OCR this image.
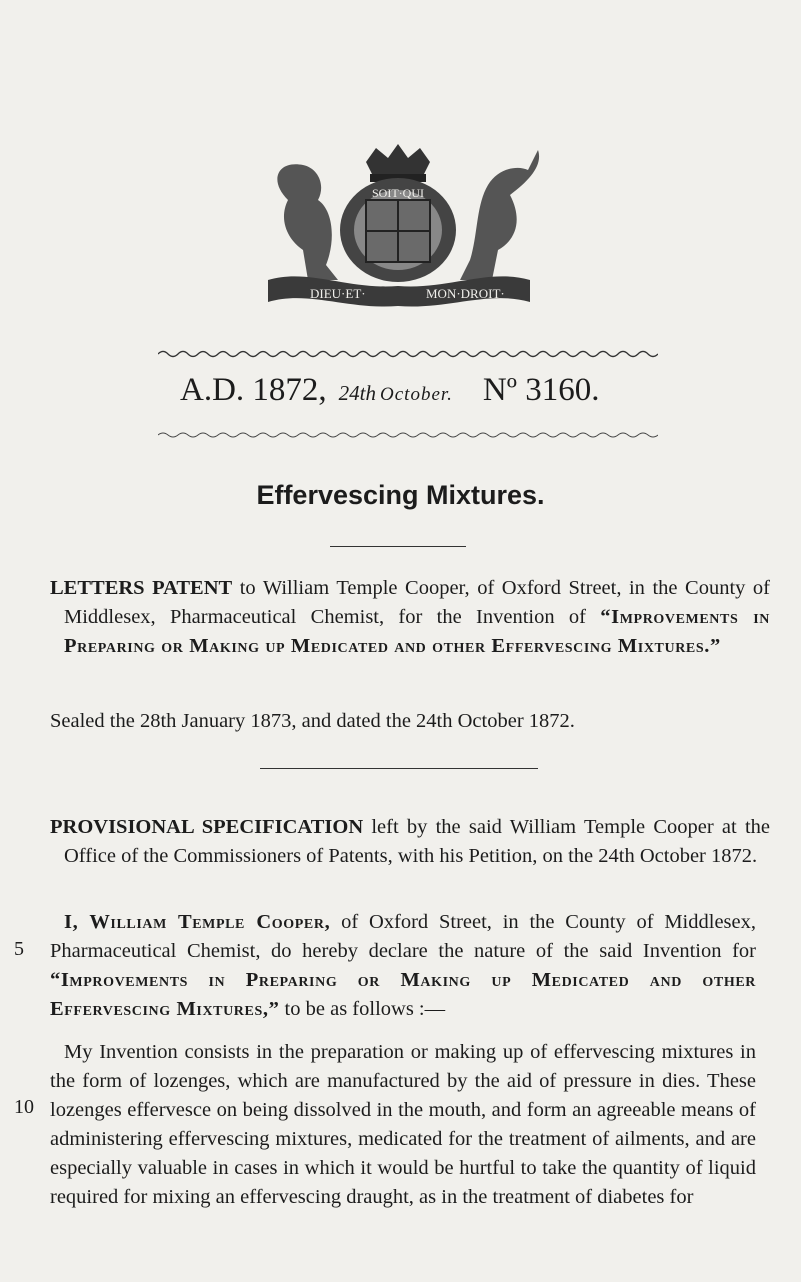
SOIT·QUI
DIEU·ET·	MON·DROIT·
A.D. 1872, 24th October. Nº 3160.
Effervescing Mixtures.
LETTERS PATENT to William Temple Cooper, of Oxford Street, in the County of Middlesex, Pharmaceutical Chemist, for the Invention of “Improvements in Preparing or Making up Medicated and other Effervescing Mixtures.”
Sealed the 28th January 1873, and dated the 24th October 1872.
PROVISIONAL SPECIFICATION left by the said William Temple Cooper at the Office of the Commissioners of Patents, with his Petition, on the 24th October 1872.
I, William Temple Cooper, of Oxford Street, in the County of Middlesex, Pharmaceutical Chemist, do hereby declare the nature of the said Invention for “Improvements in Preparing or Making up Medicated and other Effervescing Mixtures,” to be as follows :—
My Invention consists in the preparation or making up of effervescing mixtures in the form of lozenges, which are manufactured by the aid of pressure in dies. These lozenges effervesce on being dissolved in the mouth, and form an agreeable means of administering effervescing mixtures, medicated for the treatment of ailments, and are especially valuable in cases in which it would be hurtful to take the quantity of liquid required for mixing an effervescing draught, as in the treatment of diabetes for
5
10
